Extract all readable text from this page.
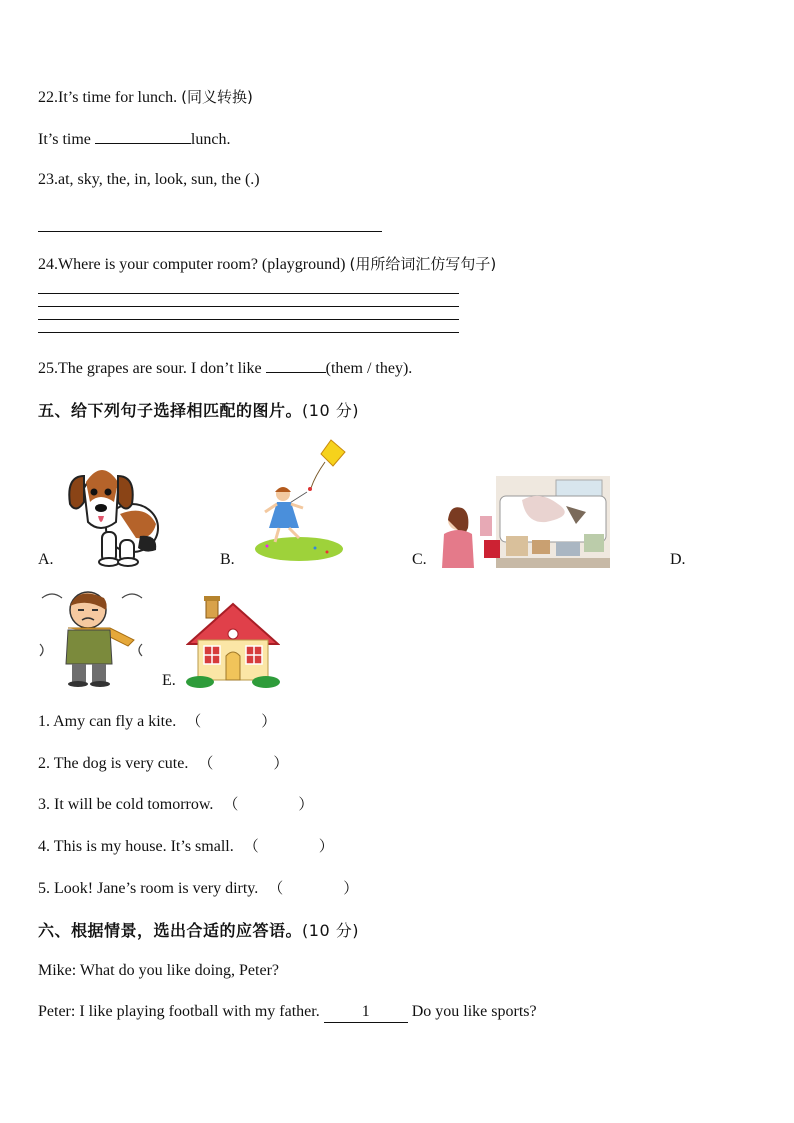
22.It’s time for lunch. (同义转换)
It’s time	lunch.
23.at, sky, the, in, look, sun, the (.)
24.Where is your computer room? (playground) (用所给词汇仿写句子)
25.The grapes are sour. I don’t like	(them / they).
五、给下列句子选择相匹配的图片。(10 分)
A.	B.	C.	D.
E.
1. Amy can fly a kite. （　　　　）
2. The dog is very cute. （　　　　）
3. It will be cold tomorrow. （　　　　）
4. This is my house. It’s small. （　　　　）
5. Look! Jane’s room is very dirty. （　　　　）
六、根据情景，选出合适的应答语。(10 分)
Mike: What do you like doing, Peter?
Peter: I like playing football with my father.	1	Do you like sports?
